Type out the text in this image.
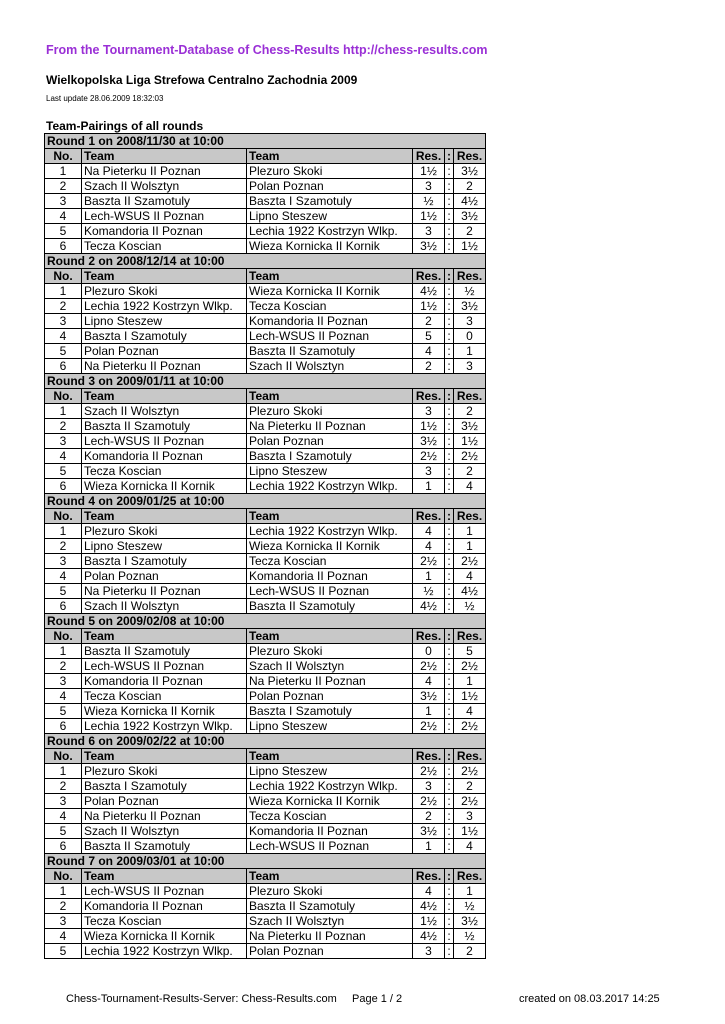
From the Tournament-Database of Chess-Results http://chess-results.com
Wielkopolska Liga Strefowa Centralno Zachodnia 2009
Last update 28.06.2009 18:32:03
Team-Pairings of all rounds
Round 1 on 2008/11/30 at 10:00					
No.	Team	Team	Res.	:	Res.
1	Na Pieterku II Poznan	Plezuro Skoki	1½	:	3½
2	Szach II Wolsztyn	Polan Poznan	3	:	2
3	Baszta II Szamotuly	Baszta I Szamotuly	½	:	4½
4	Lech-WSUS II Poznan	Lipno Steszew	1½	:	3½
5	Komandoria II Poznan	Lechia 1922 Kostrzyn Wlkp.	3	:	2
6	Tecza Koscian	Wieza Kornicka II Kornik	3½	:	1½
Round 2 on 2008/12/14 at 10:00					
No.	Team	Team	Res.	:	Res.
1	Plezuro Skoki	Wieza Kornicka II Kornik	4½	:	½
2	Lechia 1922 Kostrzyn Wlkp.	Tecza Koscian	1½	:	3½
3	Lipno Steszew	Komandoria II Poznan	2	:	3
4	Baszta I Szamotuly	Lech-WSUS II Poznan	5	:	0
5	Polan Poznan	Baszta II Szamotuly	4	:	1
6	Na Pieterku II Poznan	Szach II Wolsztyn	2	:	3
Round 3 on 2009/01/11 at 10:00					
No.	Team	Team	Res.	:	Res.
1	Szach II Wolsztyn	Plezuro Skoki	3	:	2
2	Baszta II Szamotuly	Na Pieterku II Poznan	1½	:	3½
3	Lech-WSUS II Poznan	Polan Poznan	3½	:	1½
4	Komandoria II Poznan	Baszta I Szamotuly	2½	:	2½
5	Tecza Koscian	Lipno Steszew	3	:	2
6	Wieza Kornicka II Kornik	Lechia 1922 Kostrzyn Wlkp.	1	:	4
Round 4 on 2009/01/25 at 10:00					
No.	Team	Team	Res.	:	Res.
1	Plezuro Skoki	Lechia 1922 Kostrzyn Wlkp.	4	:	1
2	Lipno Steszew	Wieza Kornicka II Kornik	4	:	1
3	Baszta I Szamotuly	Tecza Koscian	2½	:	2½
4	Polan Poznan	Komandoria II Poznan	1	:	4
5	Na Pieterku II Poznan	Lech-WSUS II Poznan	½	:	4½
6	Szach II Wolsztyn	Baszta II Szamotuly	4½	:	½
Round 5 on 2009/02/08 at 10:00					
No.	Team	Team	Res.	:	Res.
1	Baszta II Szamotuly	Plezuro Skoki	0	:	5
2	Lech-WSUS II Poznan	Szach II Wolsztyn	2½	:	2½
3	Komandoria II Poznan	Na Pieterku II Poznan	4	:	1
4	Tecza Koscian	Polan Poznan	3½	:	1½
5	Wieza Kornicka II Kornik	Baszta I Szamotuly	1	:	4
6	Lechia 1922 Kostrzyn Wlkp.	Lipno Steszew	2½	:	2½
Round 6 on 2009/02/22 at 10:00					
No.	Team	Team	Res.	:	Res.
1	Plezuro Skoki	Lipno Steszew	2½	:	2½
2	Baszta I Szamotuly	Lechia 1922 Kostrzyn Wlkp.	3	:	2
3	Polan Poznan	Wieza Kornicka II Kornik	2½	:	2½
4	Na Pieterku II Poznan	Tecza Koscian	2	:	3
5	Szach II Wolsztyn	Komandoria II Poznan	3½	:	1½
6	Baszta II Szamotuly	Lech-WSUS II Poznan	1	:	4
Round 7 on 2009/03/01 at 10:00					
No.	Team	Team	Res.	:	Res.
1	Lech-WSUS II Poznan	Plezuro Skoki	4	:	1
2	Komandoria II Poznan	Baszta II Szamotuly	4½	:	½
3	Tecza Koscian	Szach II Wolsztyn	1½	:	3½
4	Wieza Kornicka II Kornik	Na Pieterku II Poznan	4½	:	½
5	Lechia 1922 Kostrzyn Wlkp.	Polan Poznan	3	:	2
Chess-Tournament-Results-Server: Chess-Results.com Page 1 / 2	created on 08.03.2017 14:25
